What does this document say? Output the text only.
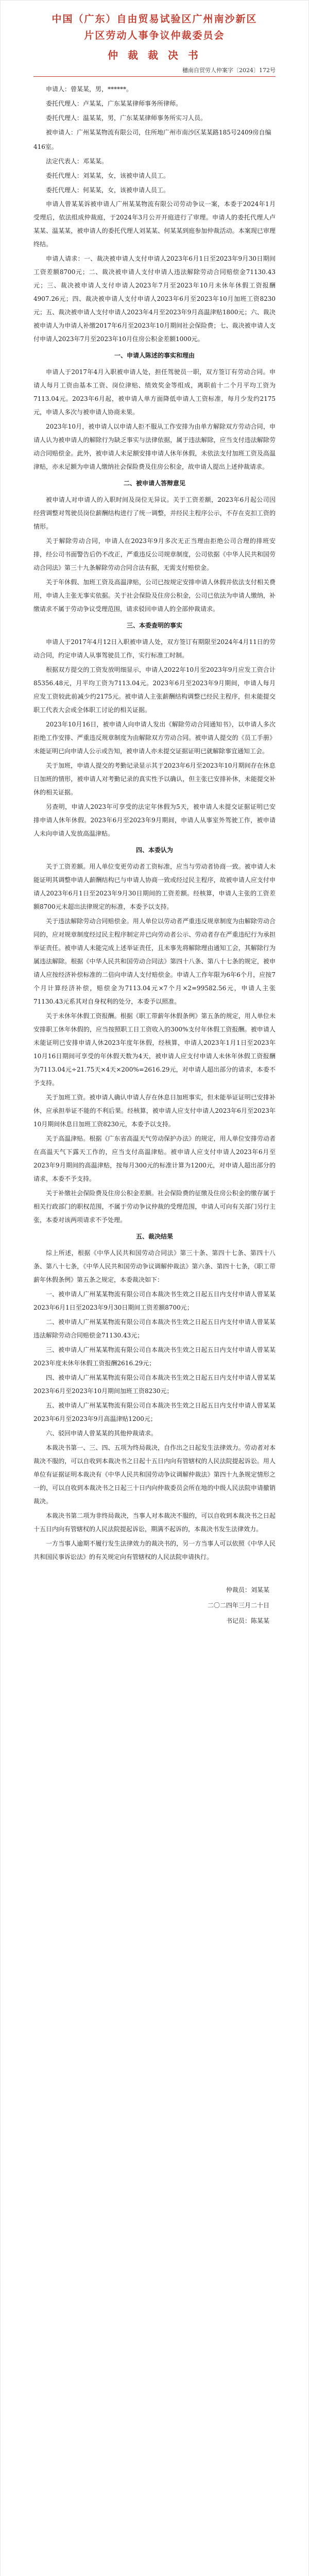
中国（广东）自由贸易试验区广州南沙新区
片区劳动人事争议仲裁委员会
仲 裁 裁 决 书
穗南自贸劳人仲案字〔2024〕172号

申请人：曾某某，男，******。

委托代理人：卢某某，广东某某律师事务所律师。

委托代理人：温某某，男，广东某某律师事务所实习人员。

被申请人：广州某某物流有限公司，住所地广州市南沙区某某路185号2409房自编416室。

法定代表人：邓某某。

委托代理人：刘某某，女，该被申请人员工。

委托代理人：何某某，女，该被申请人员工。

申请人曾某某诉被申请人广州某某物流有限公司劳动争议一案，本委于2024年1月受理后，依法组成仲裁庭，于2024年3月公开开庭进行了审理。申请人的委托代理人卢某某、温某某，被申请人的委托代理人刘某某、何某某到庭参加仲裁活动。本案现已审理终结。

申请人请求：一、裁决被申请人支付申请人2023年6月1日至2023年9月30日期间工资差额8700元；二、裁决被申请人支付申请人违法解除劳动合同赔偿金71130.43元；三、裁决被申请人支付申请人2023年7月至2023年10月未休年休假工资报酬4907.26元；四、裁决被申请人支付申请人2023年6月至2023年10月加班工资8230元；五、裁决被申请人支付申请人2023年4月至2023年9月高温津贴1800元；六、裁决被申请人为申请人补缴2017年6月至2023年10月期间社会保险费；七、裁决被申请人支付申请人2023年7月至2023年10月住房公积金差额1000元。

一、申请人陈述的事实和理由

申请人于2017年4月入职被申请人处，担任驾驶员一职，双方签订有劳动合同。申请人每月工资由基本工资、岗位津贴、绩效奖金等组成，离职前十二个月平均工资为7113.04元。2023年6月起，被申请人单方面降低申请人工资标准，每月少发约2175元，申请人多次与被申请人协商未果。

2023年10月，被申请人以申请人拒不服从工作安排为由单方解除双方劳动合同，申请人认为被申请人的解除行为缺乏事实与法律依据，属于违法解除，应当支付违法解除劳动合同赔偿金。此外，被申请人未足额安排申请人休年休假，未依法支付加班工资及高温津贴，亦未足额为申请人缴纳社会保险费及住房公积金，故申请人提出上述仲裁请求。

二、被申请人答辩意见

被申请人对申请人的入职时间及岗位无异议。关于工资差额，2023年6月起公司因经营调整对驾驶员岗位薪酬结构进行了统一调整，并经民主程序公示，不存在克扣工资的情形。

关于解除劳动合同，申请人在2023年9月多次无正当理由拒绝公司合理的排班安排，经公司书面警告后仍不改正，严重违反公司规章制度，公司依据《中华人民共和国劳动合同法》第三十九条解除劳动合同合法有据，无需支付赔偿金。

关于年休假、加班工资及高温津贴，公司已按规定安排申请人休假并依法支付相关费用，申请人主张无事实依据。关于社会保险及住房公积金，公司已依法为申请人缴纳，补缴请求不属于劳动争议受理范围，请求驳回申请人的全部仲裁请求。

三、本委查明的事实

申请人于2017年4月12日入职被申请人处，双方签订有期限至2024年4月11日的劳动合同，约定申请人从事驾驶员工作，实行标准工时制。

根据双方提交的工资发放明细显示，申请人2022年10月至2023年9月应发工资合计85356.48元，月平均工资为7113.04元。2023年6月至2023年9月期间，申请人每月应发工资较此前减少约2175元。被申请人主张薪酬结构调整已经民主程序，但未能提交职工代表大会或全体职工讨论的相关证据。

2023年10月16日，被申请人向申请人发出《解除劳动合同通知书》，以申请人多次拒绝工作安排、严重违反规章制度为由解除双方劳动合同。被申请人提交的《员工手册》未能证明已向申请人公示或告知，被申请人亦未提交证据证明已就解除事宜通知工会。

关于加班，申请人提交的考勤记录显示其于2023年6月至2023年10月期间存在休息日加班的情形，被申请人对考勤记录的真实性予以确认，但主张已安排补休，未能提交补休的相关证据。

另查明，申请人2023年可享受的法定年休假为5天，被申请人未提交证据证明已安排申请人休年休假。2023年6月至2023年9月期间，申请人从事室外驾驶工作，被申请人未向申请人发放高温津贴。

四、本委认为

关于工资差额。用人单位变更劳动者工资标准，应当与劳动者协商一致。被申请人未能证明其调整申请人薪酬结构已与申请人协商一致或经过民主程序，故被申请人应支付申请人2023年6月1日至2023年9月30日期间的工资差额。经核算，申请人主张的工资差额8700元未超出法律规定的标准，本委予以支持。

关于违法解除劳动合同赔偿金。用人单位以劳动者严重违反规章制度为由解除劳动合同的，应对规章制度经过民主程序制定并已向劳动者公示、劳动者存在严重违纪行为承担举证责任。被申请人未能完成上述举证责任，且未事先将解除理由通知工会，其解除行为属违法解除。根据《中华人民共和国劳动合同法》第四十八条、第八十七条的规定，被申请人应按经济补偿标准的二倍向申请人支付赔偿金。申请人工作年限为6年6个月，应按7个月计算经济补偿，赔偿金为7113.04元×7个月×2=99582.56元，申请人主张71130.43元系其对自身权利的处分，本委予以照准。

关于未休年休假工资报酬。根据《职工带薪年休假条例》第五条的规定，用人单位未安排职工休年休假的，应当按照职工日工资收入的300%支付年休假工资报酬。被申请人未能证明已安排申请人休2023年度年休假，经核算，申请人2023年1月1日至2023年10月16日期间可享受的年休假天数为4天，被申请人应支付申请人未休年休假工资报酬为7113.04元÷21.75天×4天×200%=2616.29元，对申请人超出部分的请求，本委不予支持。

关于加班工资。被申请人确认申请人存在休息日加班事实，但未能举证证明已安排补休，应承担举证不能的不利后果。经核算，被申请人应支付申请人2023年6月至2023年10月期间休息日加班工资8230元，本委予以支持。

关于高温津贴。根据《广东省高温天气劳动保护办法》的规定，用人单位安排劳动者在高温天气下露天工作的，应当支付高温津贴。被申请人应支付申请人2023年6月至2023年9月期间的高温津贴，按每月300元的标准计算为1200元，对申请人超出部分的请求，本委不予支持。

关于补缴社会保险费及住房公积金差额。社会保险费的征缴及住房公积金的缴存属于相关行政部门的职权范围，不属于劳动争议仲裁的受理范围，申请人可向有关部门另行主张，本委对该两项请求不予处理。

五、裁决结果

综上所述，根据《中华人民共和国劳动合同法》第三十条、第四十七条、第四十八条、第八十七条，《中华人民共和国劳动争议调解仲裁法》第六条、第四十七条，《职工带薪年休假条例》第五条之规定，本委裁决如下：

一、被申请人广州某某物流有限公司自本裁决书生效之日起五日内支付申请人曾某某2023年6月1日至2023年9月30日期间工资差额8700元；

二、被申请人广州某某物流有限公司自本裁决书生效之日起五日内支付申请人曾某某违法解除劳动合同赔偿金71130.43元；

三、被申请人广州某某物流有限公司自本裁决书生效之日起五日内支付申请人曾某某2023年度未休年休假工资报酬2616.29元；

四、被申请人广州某某物流有限公司自本裁决书生效之日起五日内支付申请人曾某某2023年6月至2023年10月期间加班工资8230元；

五、被申请人广州某某物流有限公司自本裁决书生效之日起五日内支付申请人曾某某2023年6月至2023年9月高温津贴1200元；

六、驳回申请人曾某某的其他仲裁请求。

本裁决书第一、三、四、五项为终局裁决，自作出之日起发生法律效力。劳动者对本裁决不服的，可以自收到本裁决书之日起十五日内向有管辖权的人民法院提起诉讼。用人单位有证据证明本裁决有《中华人民共和国劳动争议调解仲裁法》第四十九条规定情形之一的，可以自收到本裁决书之日起三十日内向仲裁委员会所在地的中级人民法院申请撤销裁决。

本裁决书第二项为非终局裁决，当事人对本裁决不服的，可以自收到本裁决书之日起十五日内向有管辖权的人民法院提起诉讼，期满不起诉的，本裁决书发生法律效力。

一方当事人逾期不履行发生法律效力的裁决书的，另一方当事人可以依照《中华人民共和国民事诉讼法》的有关规定向有管辖权的人民法院申请执行。

仲裁员：刘某某
二〇二四年三月二十日
书记员：陈某某
